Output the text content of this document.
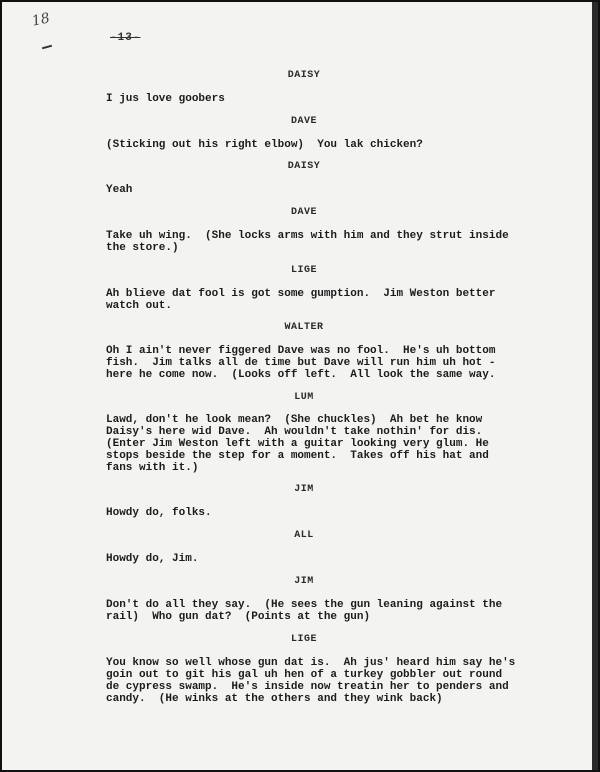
18
-13-
DAISY
I jus love goobers
DAVE
(Sticking out his right elbow)  You lak chicken?
DAISY
Yeah
DAVE
Take uh wing.  (She locks arms with him and they strut inside
the store.)
LIGE
Ah blieve dat fool is got some gumption.  Jim Weston better
watch out.
WALTER
Oh I ain't never figgered Dave was no fool.  He's uh bottom
fish.  Jim talks all de time but Dave will run him uh hot -
here he come now.  (Looks off left.  All look the same way.
LUM
Lawd, don't he look mean?  (She chuckles)  Ah bet he know
Daisy's here wid Dave.  Ah wouldn't take nothin' for dis.
(Enter Jim Weston left with a guitar looking very glum. He
stops beside the step for a moment.  Takes off his hat and
fans with it.)
JIM
Howdy do, folks.
ALL
Howdy do, Jim.
JIM
Don't do all they say.  (He sees the gun leaning against the
rail)  Who gun dat?  (Points at the gun)
LIGE
You know so well whose gun dat is.  Ah jus' heard him say he's
goin out to git his gal uh hen of a turkey gobbler out round
de cypress swamp.  He's inside now treatin her to penders and
candy.  (He winks at the others and they wink back)
